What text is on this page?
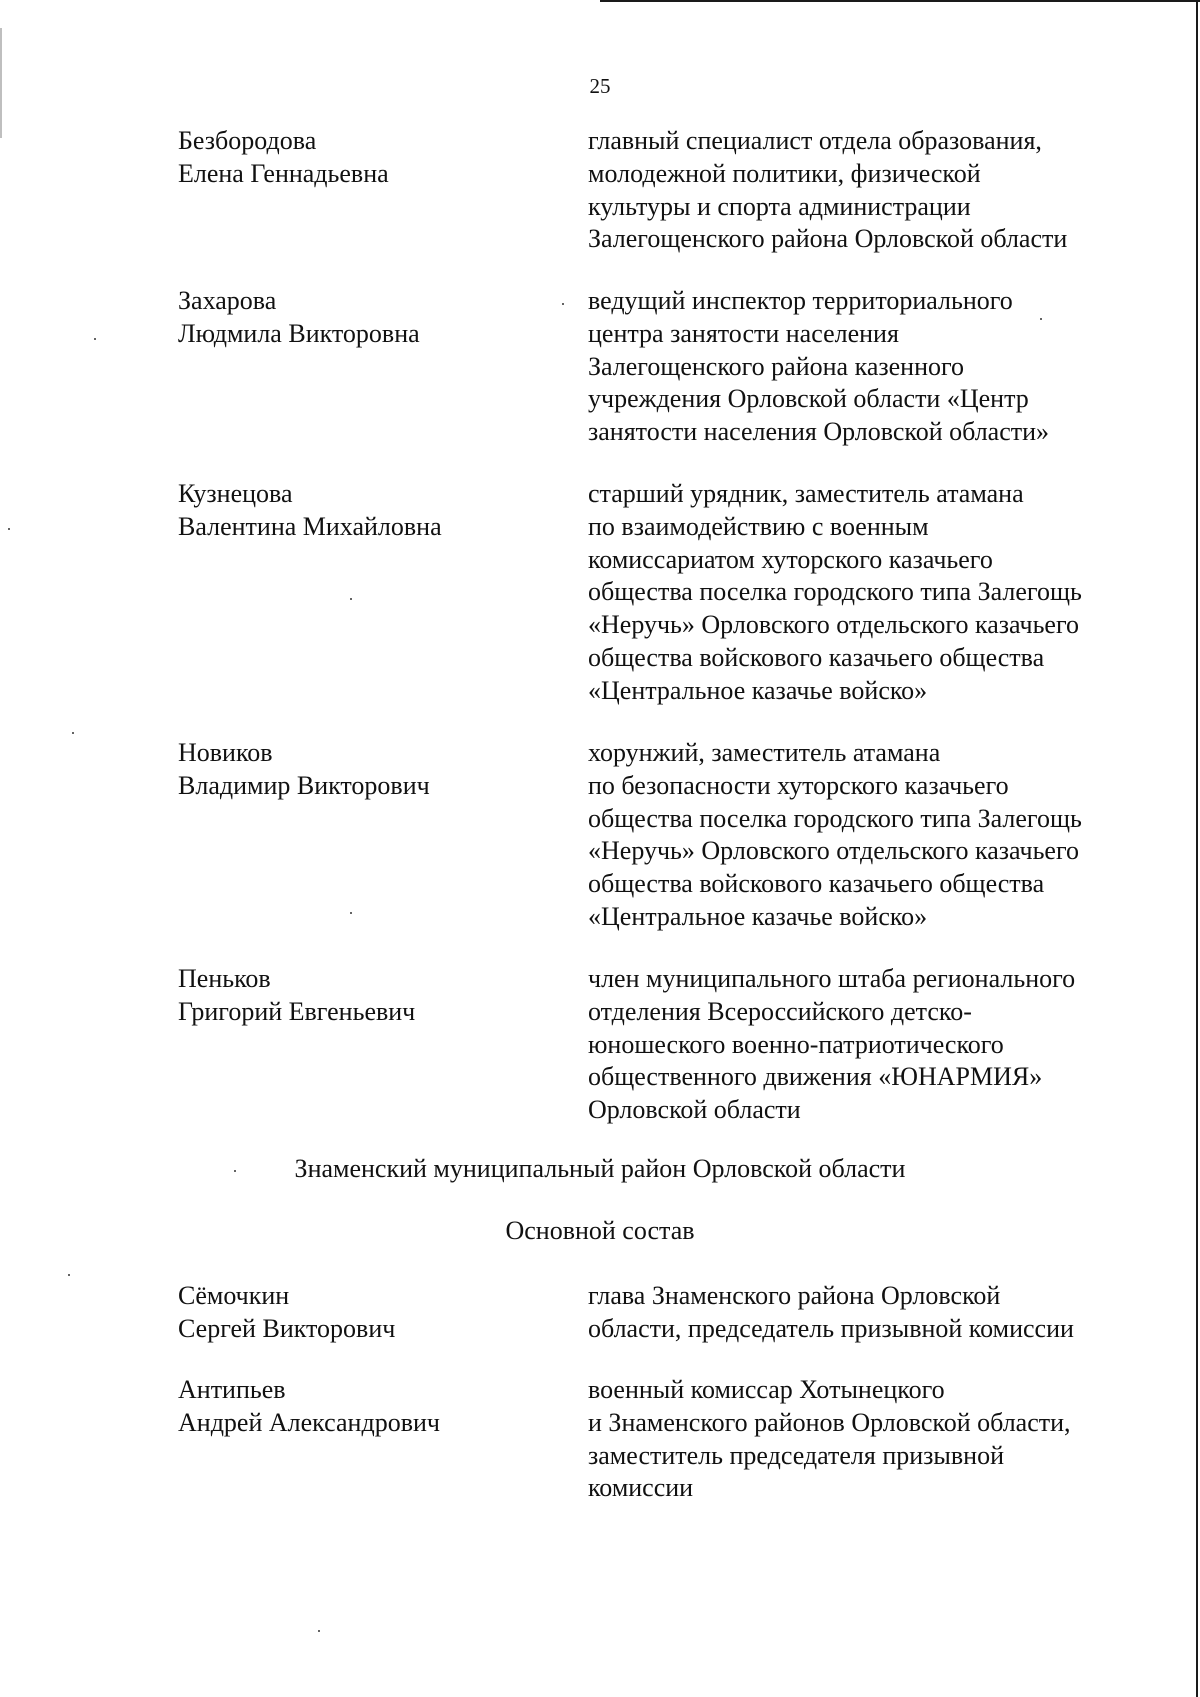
25
Безбородова
Елена Геннадьевна
главный специалист отдела образования,
молодежной политики, физической
культуры и спорта администрации
Залегощенского района Орловской области
Захарова
Людмила Викторовна
ведущий инспектор территориального
центра занятости населения
Залегощенского района казенного
учреждения Орловской области «Центр
занятости населения Орловской области»
Кузнецова
Валентина Михайловна
старший урядник, заместитель атамана
по взаимодействию с военным
комиссариатом хуторского казачьего
общества поселка городского типа Залегощь
«Неручь» Орловского отдельского казачьего
общества войскового казачьего общества
«Центральное казачье войско»
Новиков
Владимир Викторович
хорунжий, заместитель атамана
по безопасности хуторского казачьего
общества поселка городского типа Залегощь
«Неручь» Орловского отдельского казачьего
общества войскового казачьего общества
«Центральное казачье войско»
Пеньков
Григорий Евгеньевич
член муниципального штаба регионального
отделения Всероссийского детско-
юношеского военно-патриотического
общественного движения «ЮНАРМИЯ»
Орловской области
Знаменский муниципальный район Орловской области
Основной состав
Сёмочкин
Сергей Викторович
глава Знаменского района Орловской
области, председатель призывной комиссии
Антипьев
Андрей Александрович
военный комиссар Хотынецкого
и Знаменского районов Орловской области,
заместитель председателя призывной
комиссии
